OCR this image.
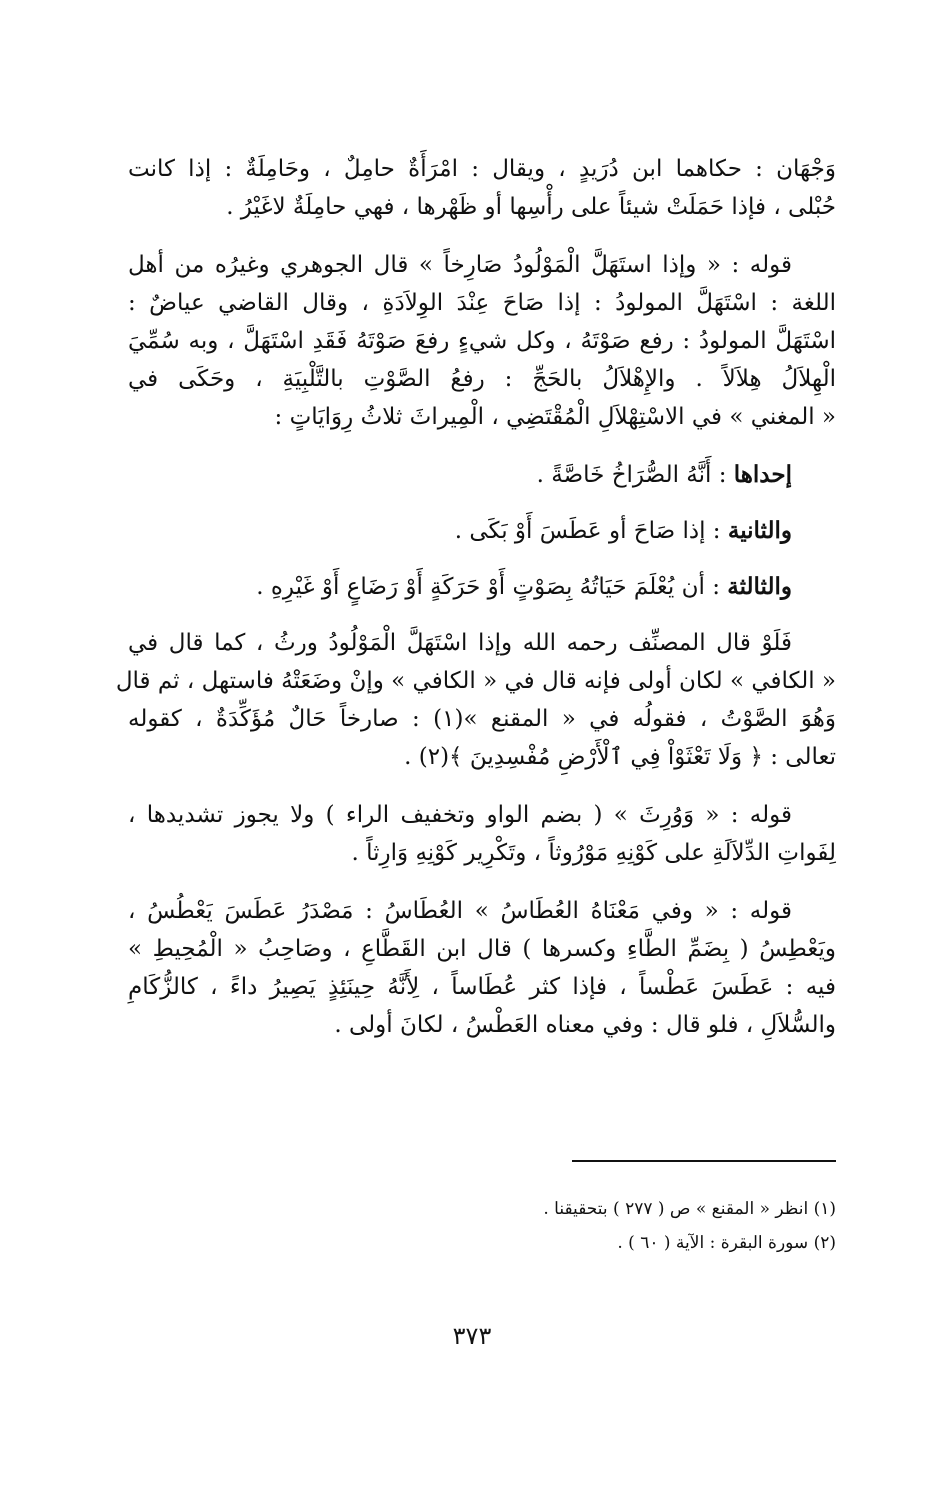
وَجْهَان : حكاهما ابن دُرَيدٍ ، ويقال : امْرَأَةٌ حامِلٌ ، وحَامِلَةٌ : إذا كانت
حُبْلى ، فإذا حَمَلَتْ شيئاً على رأْسِها أو ظَهْرها ، فهي حامِلَةٌ لاغَيْرُ .
قوله : « وإذا استَهَلَّ الْمَوْلُودُ صَارِخاً » قال الجوهري وغيرُه من أهل
اللغة : اسْتَهَلَّ المولودُ : إذا صَاحَ عِنْدَ الوِلاَدَةِ ، وقال القاضي عياضٌ :
اسْتَهَلَّ المولودُ : رفع صَوْتَهُ ، وكل شيءٍ رفعَ صَوْتَهُ فَقَدِ اسْتَهَلَّ ، وبه سُمِّيَ
الْهِلاَلُ هِلاَلاً . والإِهْلاَلُ بالحَجِّ : رفعُ الصَّوْتِ بالتَّلْبِيَةِ ، وحَكَى في
« المغني » في الاسْتِهْلاَلِ الْمُقْتَضِي ، الْمِيراثَ ثلاثُ رِوَايَاتٍ :
إحداها : أَنَّهُ الصُّرَاخُ خَاصَّةً .
والثانية : إذا صَاحَ أو عَطَسَ أَوْ بَكَى .
والثالثة : أن يُعْلَمَ حَيَاتُهُ بِصَوْتٍ أَوْ حَرَكَةٍ أَوْ رَضَاعٍ أَوْ غَيْرِهِ .
فَلَوْ قال المصنِّف رحمه الله وإذا اسْتَهَلَّ الْمَوْلُودُ ورثُ ، كما قال في
« الكافي » لكان أولى فإنه قال في « الكافي » وإنْ وضَعَتْهُ فاستهل ، ثم قال
وَهُوَ الصَّوْتُ ، فقولُه في « المقنع »(١) : صارخاً حَالٌ مُؤَكِّدَةٌ ، كقوله
تعالى : ﴿ وَلَا تَعْثَوْاْ فِي ٱلْأَرْضِ مُفْسِدِينَ ﴾(٢) .
قوله : « وَوُرِثَ » ( بضم الواو وتخفيف الراء ) ولا يجوز تشديدها ،
لِفَواتِ الدِّلاَلَةِ على كَوْنِهِ مَوْرُوثاً ، وتَكْرِير كَوْنِهِ وَارِثاً .
قوله : « وفي مَعْنَاهُ العُطَاسُ » العُطَاسُ : مَصْدَرُ عَطَسَ يَعْطُسُ ،
ويَعْطِسُ ( بِضَمِّ الطَّاءِ وكسرها ) قال ابن القَطَّاعِ ، وصَاحِبُ « الْمُحِيطِ »
فيه : عَطَسَ عَطْساً ، فإذا كثر عُطَاساً ، لِأَنَّهُ حِينَئِذٍ يَصِيرُ داءً ، كالزُّكَامِ
والسُّلاَلِ ، فلو قال : وفي معناه العَطْسُ ، لكانَ أولى .
(١) انظر « المقنع » ص ( ٢٧٧ ) بتحقيقنا .
(٢) سورة البقرة : الآية ( ٦٠ ) .
٣٧٣
